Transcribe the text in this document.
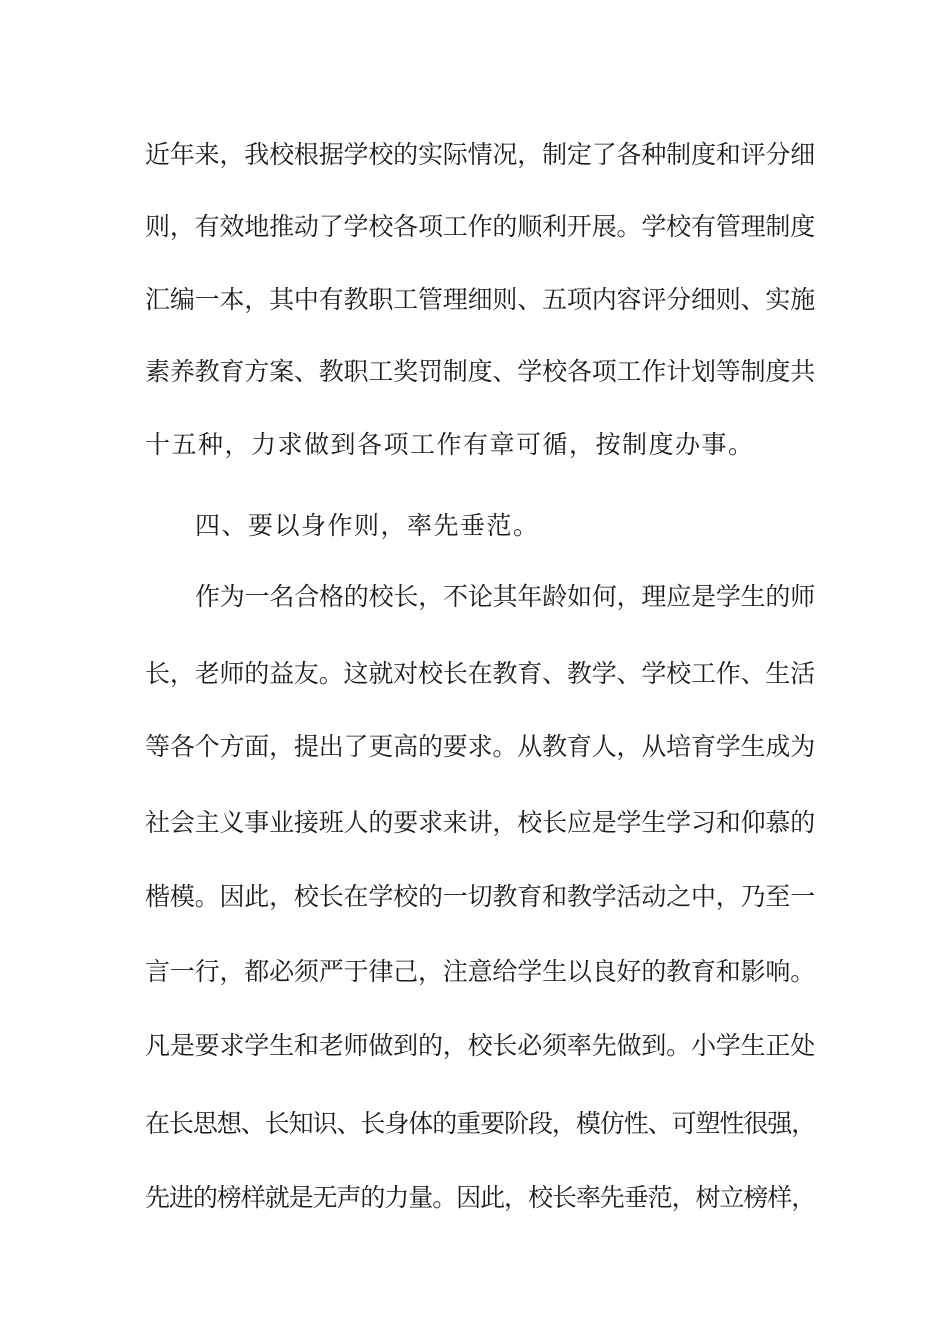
近年来，我校根据学校的实际情况，制定了各种制度和评分细
则，有效地推动了学校各项工作的顺利开展。学校有管理制度
汇编一本，其中有教职工管理细则、五项内容评分细则、实施
素养教育方案、教职工奖罚制度、学校各项工作计划等制度共
十五种，力求做到各项工作有章可循，按制度办事。
四、要以身作则，率先垂范。
作为一名合格的校长，不论其年龄如何，理应是学生的师
长，老师的益友。这就对校长在教育、教学、学校工作、生活
等各个方面，提出了更高的要求。从教育人，从培育学生成为
社会主义事业接班人的要求来讲，校长应是学生学习和仰慕的
楷模。因此，校长在学校的一切教育和教学活动之中，乃至一
言一行，都必须严于律己，注意给学生以良好的教育和影响。
凡是要求学生和老师做到的，校长必须率先做到。小学生正处
在长思想、长知识、长身体的重要阶段，模仿性、可塑性很强，
先进的榜样就是无声的力量。因此，校长率先垂范，树立榜样，
